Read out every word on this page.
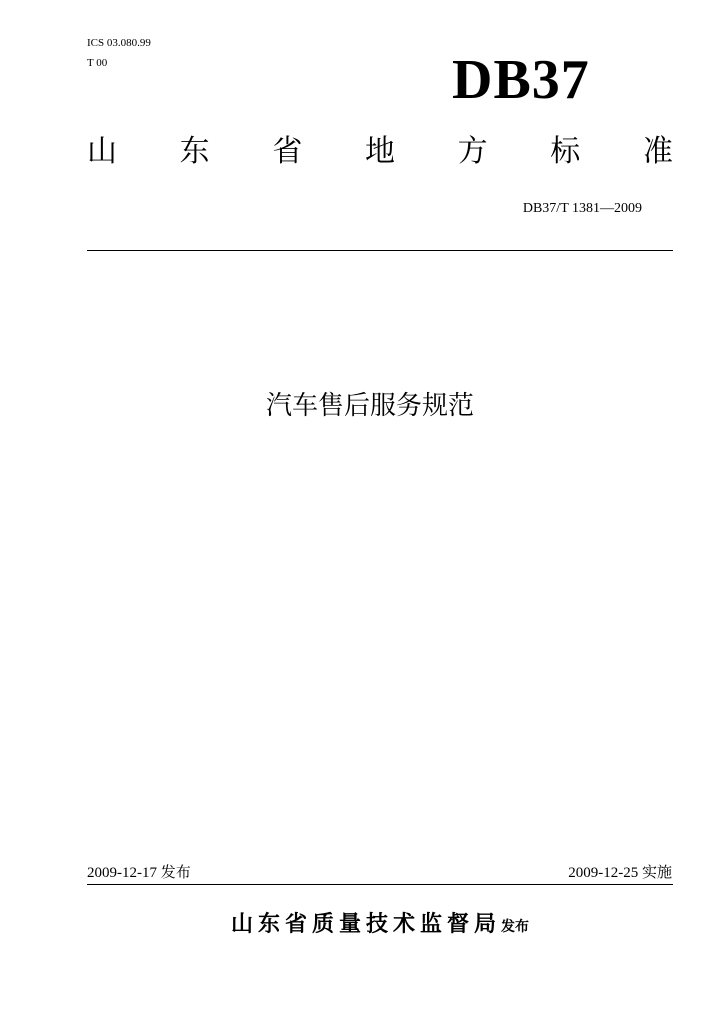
ICS 03.080.99
T 00	DB37
山 东 省 地 方 标 准
DB37/T 1381—2009
汽车售后服务规范
2009-12-17 发布	2009-12-25 实施
山东省质量技术监督局发布
